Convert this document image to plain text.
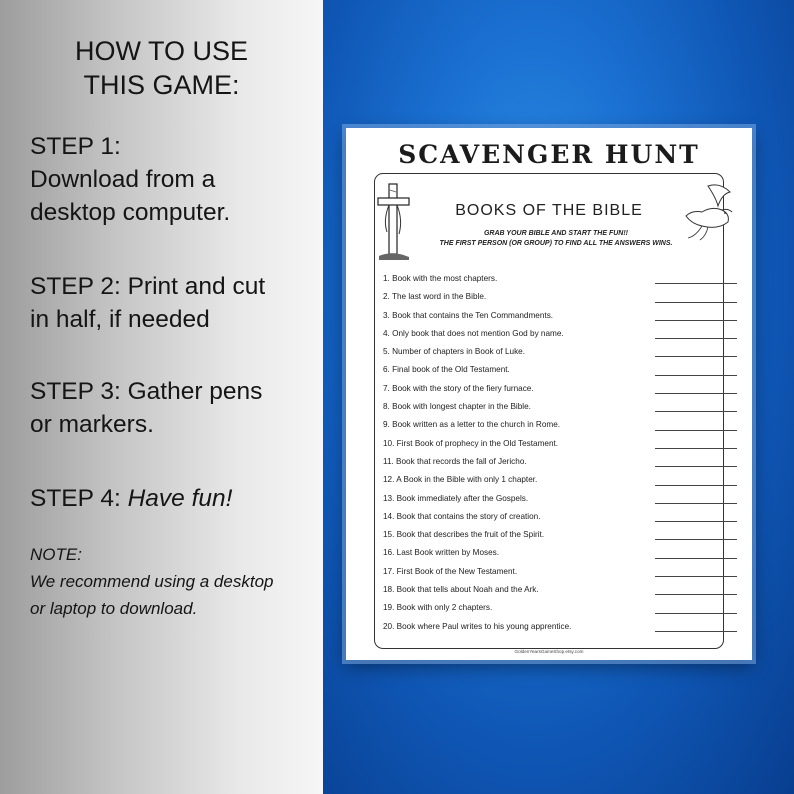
HOW TO USE
THIS GAME:
STEP 1:
Download from a
desktop computer.
STEP 2: Print and cut
in half, if needed
STEP 3: Gather pens
or markers.
STEP 4: Have fun!
NOTE:
We recommend using a desktop
or laptop to download.
SCAVENGER HUNT
BOOKS OF THE BIBLE
GRAB YOUR BIBLE AND START THE FUN!!
THE FIRST PERSON (OR GROUP) TO FIND ALL THE ANSWERS WINS.
1. Book with the most chapters.
2. The last word in the Bible.
3. Book that contains the Ten Commandments.
4. Only book that does not mention God by name.
5. Number of chapters in Book of Luke.
6. Final book of the Old Testament.
7. Book with the story of the fiery furnace.
8. Book with longest chapter in the Bible.
9. Book written as a letter to the church in Rome.
10. First Book of prophecy in the Old Testament.
11. Book that records the fall of Jericho.
12. A Book in the Bible with only 1 chapter.
13. Book immediately after the Gospels.
14. Book that contains the story of creation.
15. Book that describes the fruit of the Spirit.
16. Last Book written by Moses.
17. First Book of the New Testament.
18. Book that tells about Noah and the Ark.
19. Book with only 2 chapters.
20. Book where Paul writes to his young apprentice.
GoldenYearsGameShop.etsy.com
